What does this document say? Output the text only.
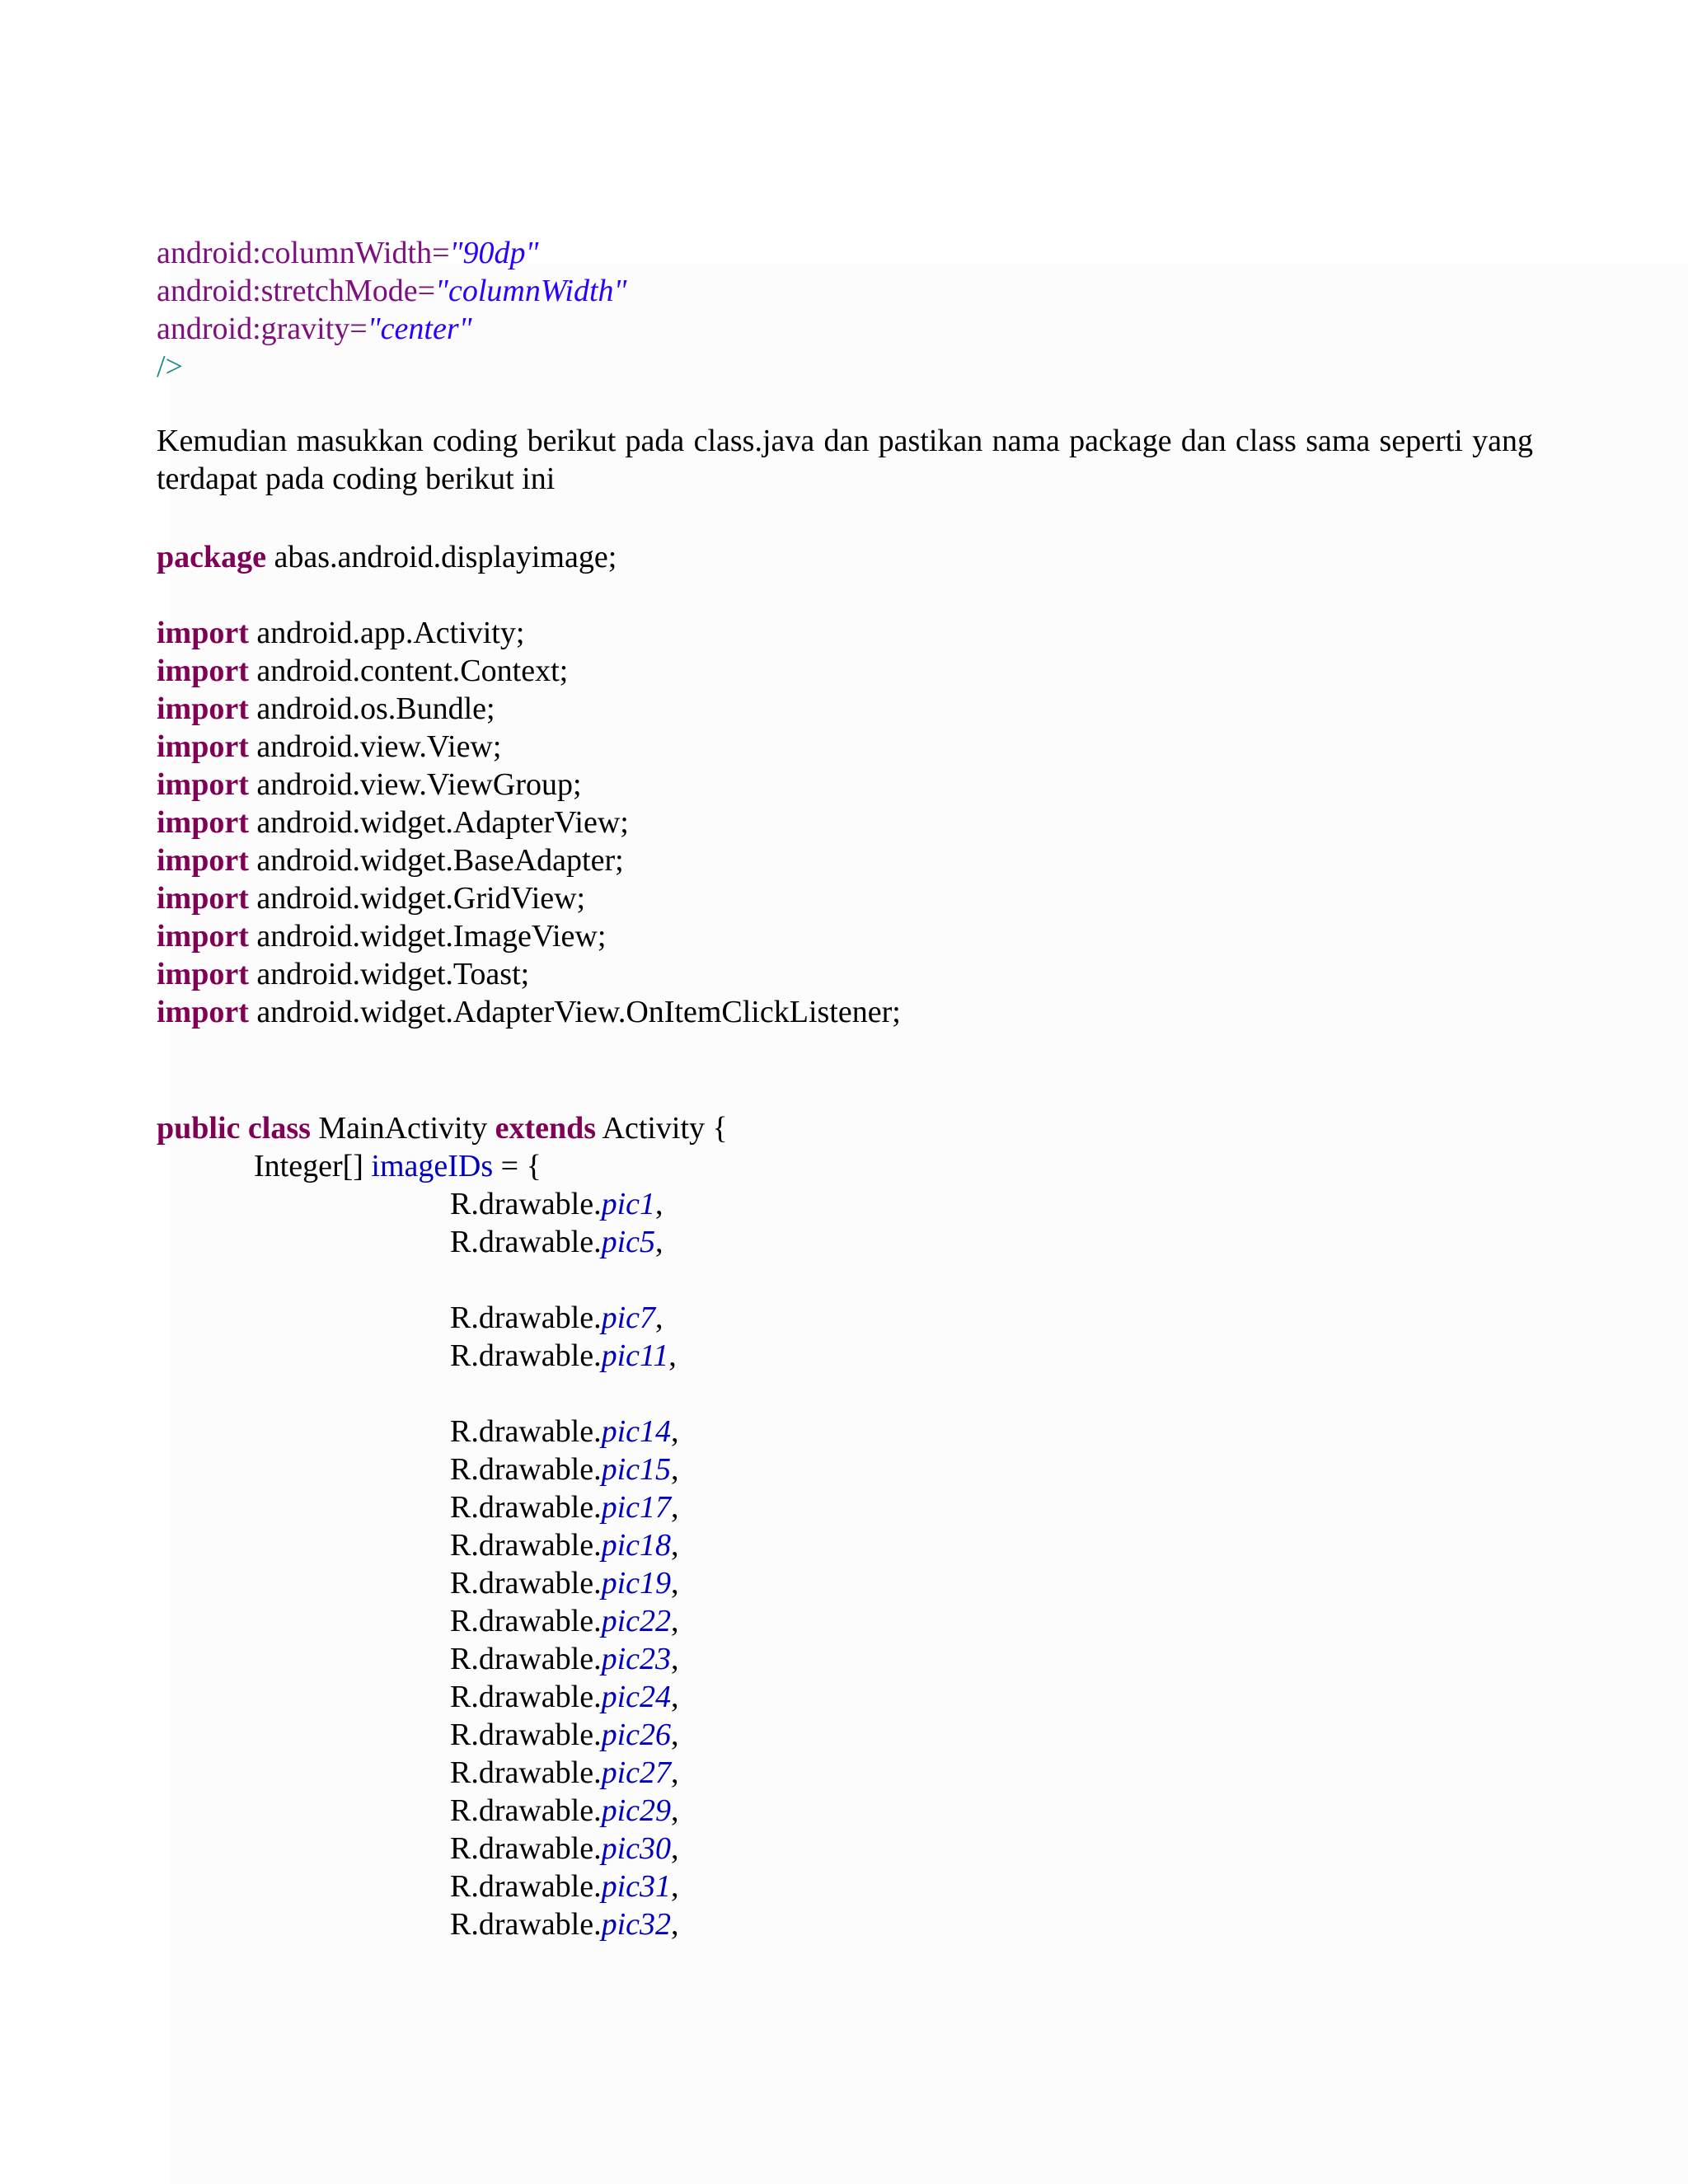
android:columnWidth="90dp"
android:stretchMode="columnWidth"
android:gravity="center"
/>
Kemudian masukkan coding berikut pada class.java dan pastikan nama package dan class sama seperti yang terdapat pada coding berikut ini
package abas.android.displayimage;
import android.app.Activity;
import android.content.Context;
import android.os.Bundle;
import android.view.View;
import android.view.ViewGroup;
import android.widget.AdapterView;
import android.widget.BaseAdapter;
import android.widget.GridView;
import android.widget.ImageView;
import android.widget.Toast;
import android.widget.AdapterView.OnItemClickListener;
public class MainActivity extends Activity {
Integer[] imageIDs = {
R.drawable.pic1,
R.drawable.pic5,
R.drawable.pic7,
R.drawable.pic11,
R.drawable.pic14,
R.drawable.pic15,
R.drawable.pic17,
R.drawable.pic18,
R.drawable.pic19,
R.drawable.pic22,
R.drawable.pic23,
R.drawable.pic24,
R.drawable.pic26,
R.drawable.pic27,
R.drawable.pic29,
R.drawable.pic30,
R.drawable.pic31,
R.drawable.pic32,
